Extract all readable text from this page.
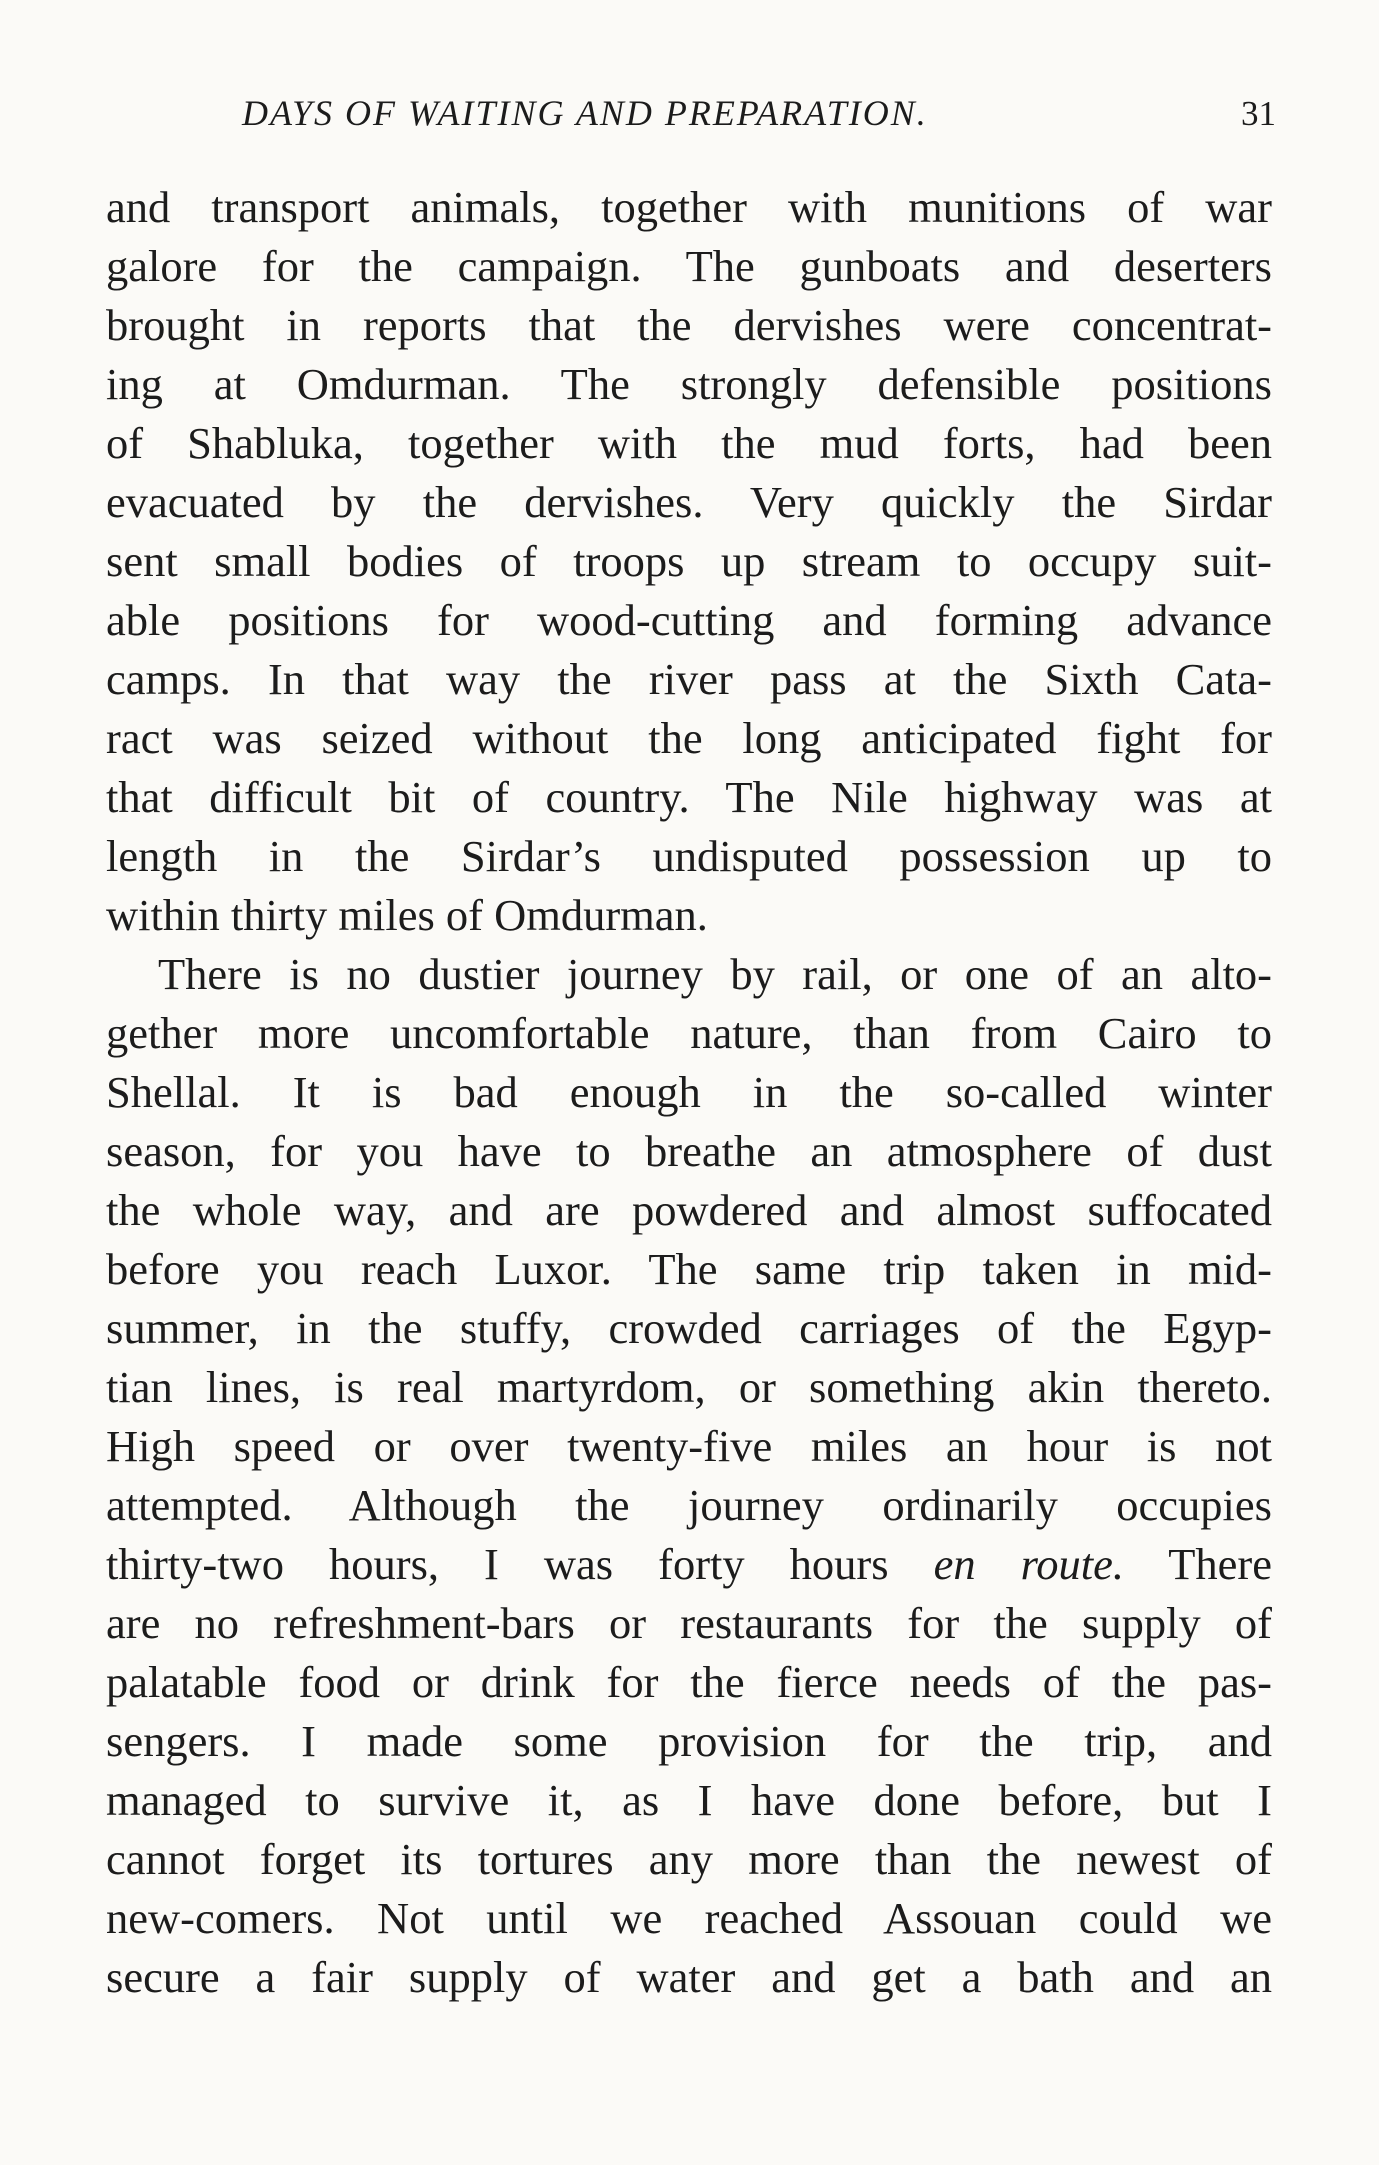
DAYS OF WAITING AND PREPARATION.	31
and transport animals, together with munitions of war
galore for the campaign. The gunboats and deserters
brought in reports that the dervishes were concentrat-
ing at Omdurman. The strongly defensible positions
of Shabluka, together with the mud forts, had been
evacuated by the dervishes. Very quickly the Sirdar
sent small bodies of troops up stream to occupy suit-
able positions for wood-cutting and forming advance
camps. In that way the river pass at the Sixth Cata-
ract was seized without the long anticipated fight for
that difficult bit of country. The Nile highway was at
length in the Sirdar’s undisputed possession up to
within thirty miles of Omdurman.
There is no dustier journey by rail, or one of an alto-
gether more uncomfortable nature, than from Cairo to
Shellal. It is bad enough in the so-called winter
season, for you have to breathe an atmosphere of dust
the whole way, and are powdered and almost suffocated
before you reach Luxor. The same trip taken in mid-
summer, in the stuffy, crowded carriages of the Egyp-
tian lines, is real martyrdom, or something akin thereto.
High speed or over twenty-five miles an hour is not
attempted. Although the journey ordinarily occupies
thirty-two hours, I was forty hours en route. There
are no refreshment-bars or restaurants for the supply of
palatable food or drink for the fierce needs of the pas-
sengers. I made some provision for the trip, and
managed to survive it, as I have done before, but I
cannot forget its tortures any more than the newest of
new-comers. Not until we reached Assouan could we
secure a fair supply of water and get a bath and an
